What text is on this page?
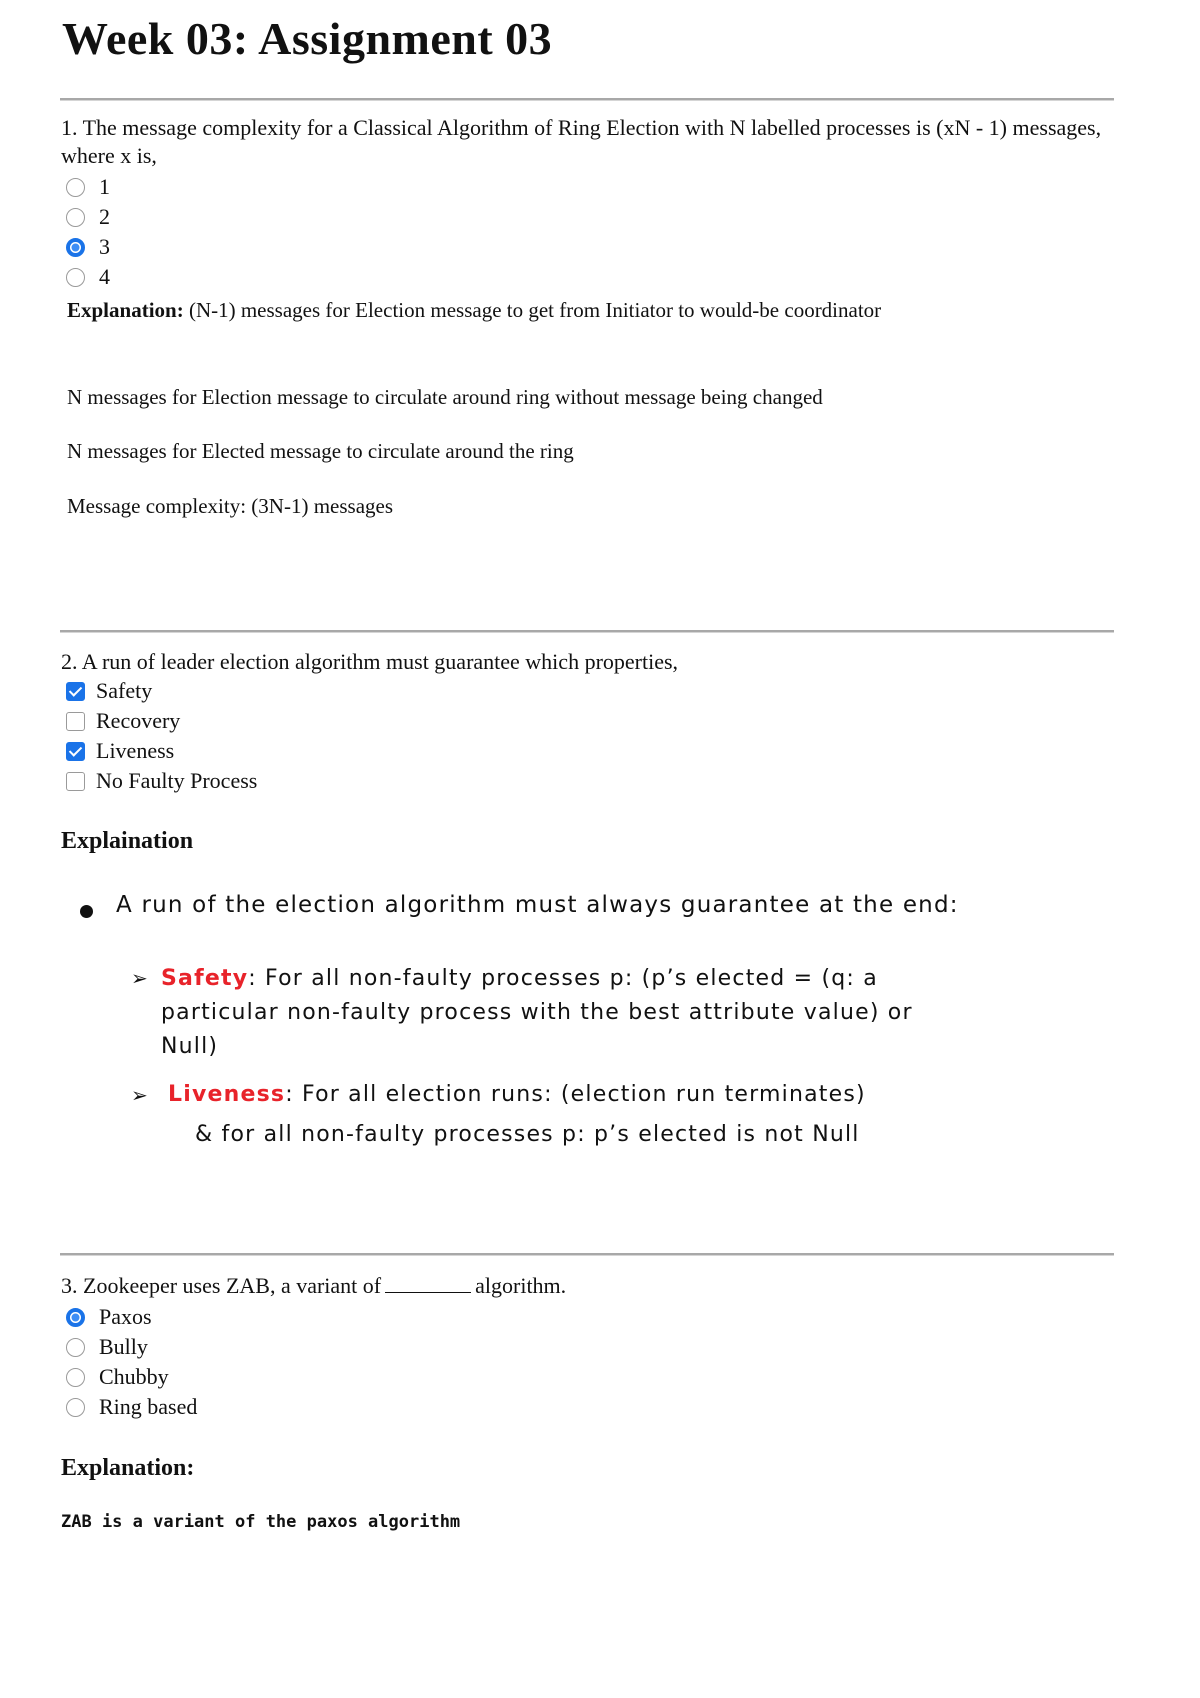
Week 03: Assignment 03
1. The message complexity for a Classical Algorithm of Ring Election with N labelled processes is (xN - 1) messages, where x is,
1
2
3
4
Explanation: (N-1) messages for Election message to get from Initiator to would-be coordinator
N messages for Election message to circulate around ring without message being changed
N messages for Elected message to circulate around the ring
Message complexity: (3N-1) messages
2. A run of leader election algorithm must guarantee which properties,
Safety
Recovery
Liveness
No Faulty Process
Explaination
A run of the election algorithm must always guarantee at the end:
➢ Safety: For all non-faulty processes p: (p’s elected = (q: a particular non-faulty process with the best attribute value) or Null)
➢ Liveness: For all election runs: (election run terminates)
& for all non-faulty processes p: p’s elected is not Null
3. Zookeeper uses ZAB, a variant of	algorithm.
Paxos
Bully
Chubby
Ring based
Explanation:
ZAB is a variant of the paxos algorithm
